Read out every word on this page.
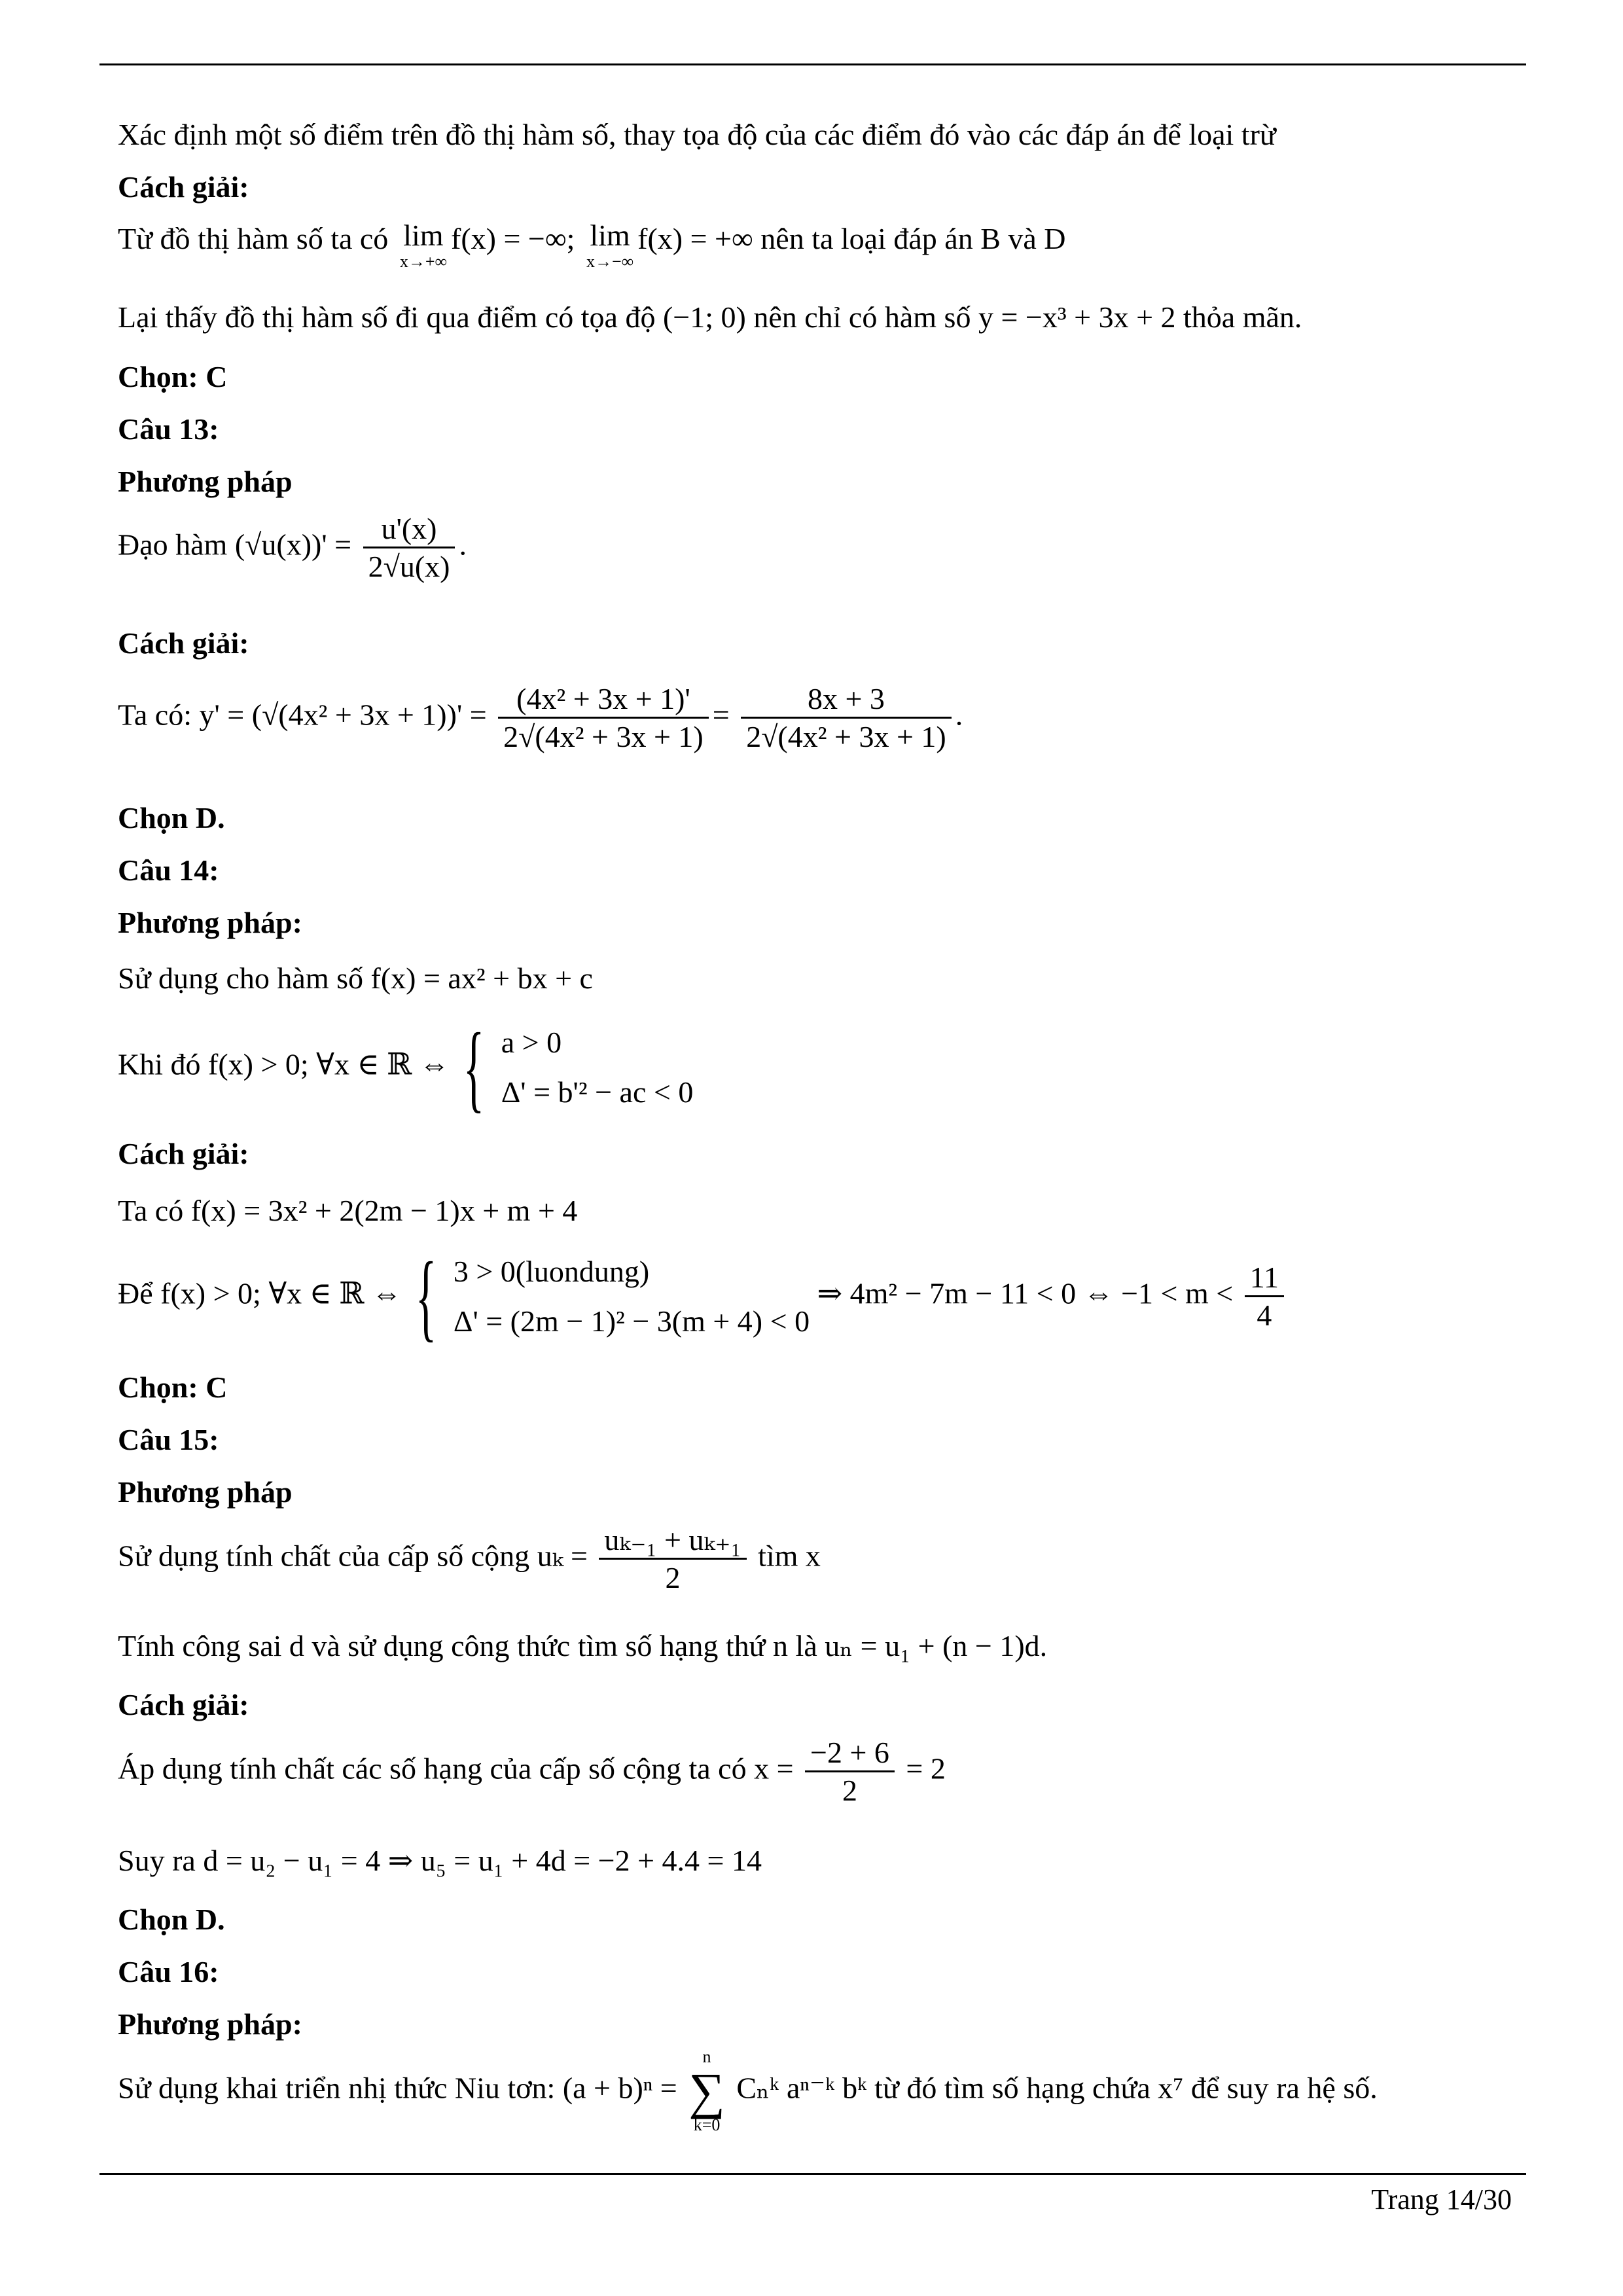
Xác định một số điểm trên đồ thị hàm số, thay tọa độ của các điểm đó vào các đáp án để loại trừ
Cách giải:
Từ đồ thị hàm số ta có lim
x→+∞
f(x) = −∞; lim
x→−∞
f(x) = +∞ nên ta loại đáp án B và D
Lại thấy đồ thị hàm số đi qua điểm có tọa độ (−1; 0) nên chỉ có hàm số y = −x³ + 3x + 2 thỏa mãn.
Chọn: C
Câu 13:
Phương pháp
Đạo hàm $(√u(x))' = \frac{u'(x)}{2√u(x)}$ .
Cách giải:
Ta có: $y' = (√(4x^2 + 3x + 1))' = \frac{\text{(4x² + 3x + 1)'}}{\text{2√(4x² + 3x + 1)}} = \frac{8x + 3}{\text{2√(4x² + 3x + 1)}}$ .
Chọn D.
Câu 14:
Phương pháp:
Sử dụng cho hàm số f(x) = ax² + bx + c
Khi đó f(x) > 0; ∀x ∈ ℝ ⇔ { a > 0
Δ' = b'² − ac < 0
Cách giải:
Ta có f(x) = 3x² + 2(2m − 1)x + m + 4
Để f(x) > 0; ∀x ∈ ℝ ⇔ { 3 > 0(luondung)
Δ' = (2m − 1)² − 3(m + 4) < 0
⇒ 4m² − 7m − 11 < 0 ⇔ $-1 < m < \frac{11}{4}$
Chọn: C
Câu 15:
Phương pháp
Sử dụng tính chất của cấp số cộng $u_k = \frac{\text{uₖ₋₁ + uₖ₊₁}}{2}$ tìm x
Tính công sai d và sử dụng công thức tìm số hạng thứ n là uₙ = u₁ + (n − 1)d.
Cách giải:
Áp dụng tính chất các số hạng của cấp số cộng ta có $x = \frac{-2 + 6}{2} = 2$
Suy ra d = u₂ − u₁ = 4 ⇒ u₅ = u₁ + 4d = −2 + 4.4 = 14
Chọn D.
Câu 16:
Phương pháp:
Sử dụng khai triển nhị thức Niu tơn: (a + b)ⁿ =
n
∑
k=0
Cₙᵏ aⁿ⁻ᵏ bᵏ từ đó tìm số hạng chứa x⁷ để suy ra hệ số.
Trang 14/30
